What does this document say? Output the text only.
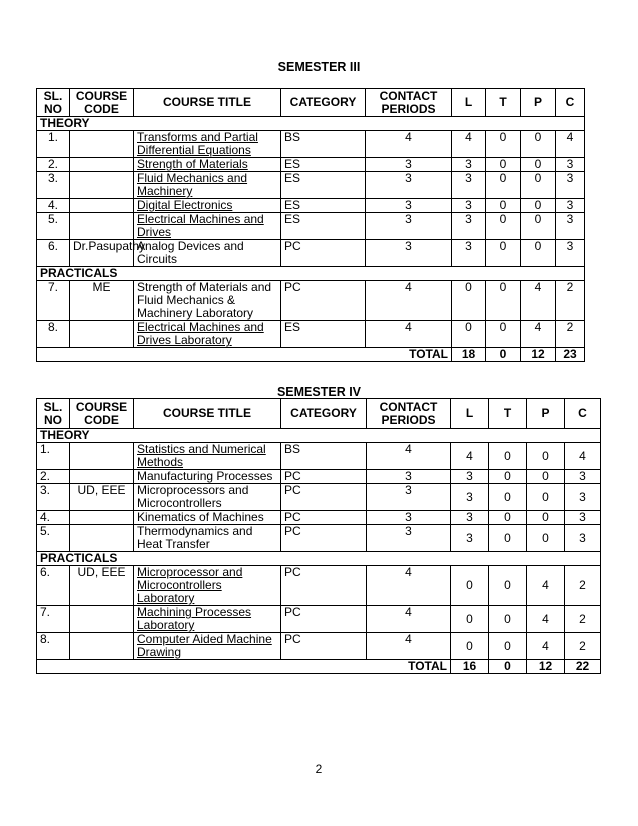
SEMESTER III
SL. NO	COURSE CODE	COURSE TITLE	CATEGORY	CONTACT PERIODS	L	T	P	C
THEORY								
1.		Transforms and Partial Differential Equations	BS	4	4	0	0	4
2.		Strength of Materials	ES	3	3	0	0	3
3.		Fluid Mechanics and Machinery	ES	3	3	0	0	3
4.		Digital Electronics	ES	3	3	0	0	3
5.		Electrical Machines and Drives	ES	3	3	0	0	3
6.	Dr.Pasupathy	Analog Devices and Circuits	PC	3	3	0	0	3
PRACTICALS								
7.	ME	Strength of Materials and Fluid Mechanics & Machinery Laboratory	PC	4	0	0	4	2
8.		Electrical Machines and Drives Laboratory	ES	4	0	0	4	2
TOTAL					18	0	12	23
SEMESTER IV
SL. NO	COURSE CODE	COURSE TITLE	CATEGORY	CONTACT PERIODS	L	T	P	C
THEORY								
1.		Statistics and Numerical Methods	BS	4	4	0	0	4
2.		Manufacturing Processes	PC	3	3	0	0	3
3.	UD, EEE	Microprocessors and Microcontrollers	PC	3	3	0	0	3
4.		Kinematics of Machines	PC	3	3	0	0	3
5.		Thermodynamics and Heat Transfer	PC	3	3	0	0	3
PRACTICALS								
6.	UD, EEE	Microprocessor and Microcontrollers Laboratory	PC	4	0	0	4	2
7.		Machining Processes Laboratory	PC	4	0	0	4	2
8.		Computer Aided Machine Drawing	PC	4	0	0	4	2
TOTAL					16	0	12	22
2
